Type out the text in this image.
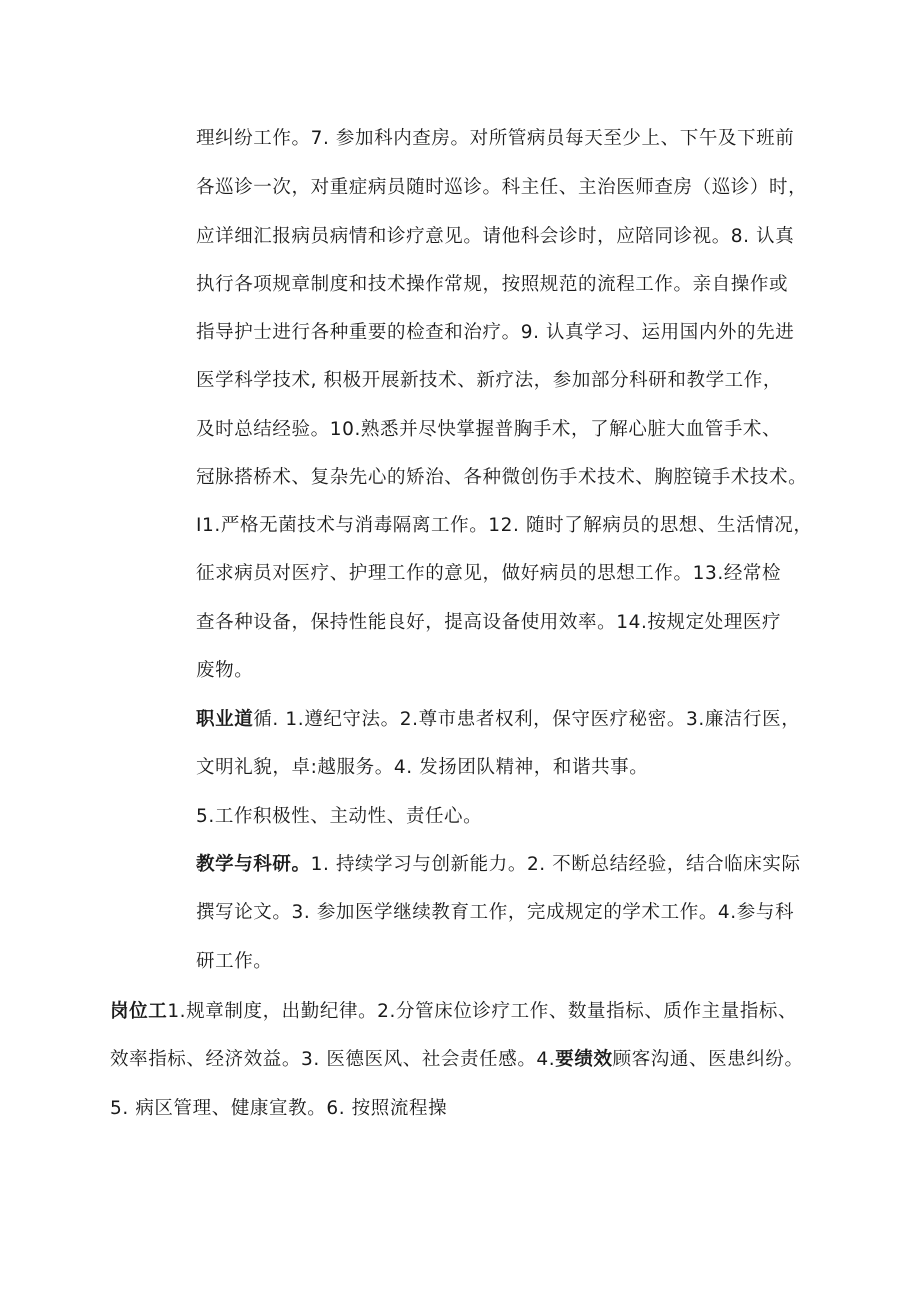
理纠纷工作。7. 参加科内查房。对所管病员每天至少上、下午及下班前
各巡诊一次，对重症病员随时巡诊。科主任、主治医师查房（巡诊）时，
应详细汇报病员病情和诊疗意见。请他科会诊时，应陪同诊视。8. 认真
执行各项规章制度和技术操作常规，按照规范的流程工作。亲自操作或
指导护士进行各种重要的检查和治疗。9. 认真学习、运用国内外的先进
医学科学技术, 积极开展新技术、新疗法，参加部分科研和教学工作，
及时总结经验。10.熟悉并尽快掌握普胸手术，了解心脏大血管手术、
冠脉搭桥术、复杂先心的矫治、各种微创伤手术技术、胸腔镜手术技术。
I1.严格无菌技术与消毒隔离工作。12. 随时了解病员的思想、生活情况，
征求病员对医疗、护理工作的意见，做好病员的思想工作。13.经常检
查各种设备，保持性能良好，提高设备使用效率。14.按规定处理医疗
废物。
职业道循. 1.遵纪守法。2.尊市患者权利，保守医疗秘密。3.廉洁行医，
文明礼貌，卓:越服务。4. 发扬团队精神，和谐共事。
5.工作积极性、主动性、责任心。
教学与科研。1. 持续学习与创新能力。2. 不断总结经验，结合临床实际
撰写论文。3. 参加医学继续教育工作，完成规定的学术工作。4.参与科
研工作。
岗位工1.规章制度，出勤纪律。2.分管床位诊疗工作、数量指标、质作主量指标、
效率指标、经济效益。3. 医德医风、社会责任感。4.要绩效顾客沟通、医患纠纷。
5. 病区管理、健康宣教。6. 按照流程操
